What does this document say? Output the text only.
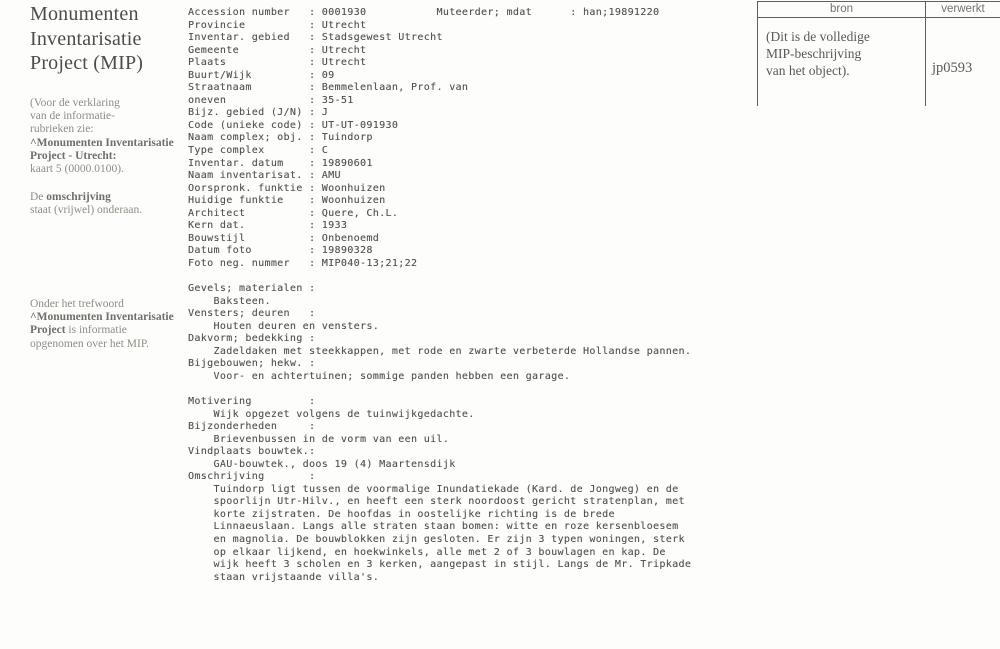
Monumenten
Inventarisatie
Project (MIP)
(Voor de verklaring
van de informatie-
rubrieken zie:
^Monumenten Inventarisatie
Project - Utrecht:
kaart 5 (0000.0100).
De omschrijving
staat (vrijwel) onderaan.
Onder het trefwoord
^Monumenten Inventarisatie
Project is informatie
opgenomen over het MIP.
Accession number   : 0001930           Muteerder; mdat      : han;19891220
Provincie          : Utrecht
Inventar. gebied   : Stadsgewest Utrecht
Gemeente           : Utrecht
Plaats             : Utrecht
Buurt/Wijk         : 09
Straatnaam         : Bemmelenlaan, Prof. van
oneven             : 35-51
Bijz. gebied (J/N) : J
Code (unieke code) : UT-UT-091930
Naam complex; obj. : Tuindorp
Type complex       : C
Inventar. datum    : 19890601
Naam inventarisat. : AMU
Oorspronk. funktie : Woonhuizen
Huidige funktie    : Woonhuizen
Architect          : Quere, Ch.L.
Kern dat.          : 1933
Bouwstijl          : Onbenoemd
Datum foto         : 19890328
Foto neg. nummer   : MIP040-13;21;22
Gevels; materialen :
Baksteen.
Vensters; deuren   :
Houten deuren en vensters.
Dakvorm; bedekking :
Zadeldaken met steekkappen, met rode en zwarte verbeterde Hollandse pannen.
Bijgebouwen; hekw. :
Voor- en achtertuinen; sommige panden hebben een garage.
Motivering         :
Wijk opgezet volgens de tuinwijkgedachte.
Bijzonderheden     :
Brievenbussen in de vorm van een uil.
Vindplaats bouwtek.:
GAU-bouwtek., doos 19 (4) Maartensdijk
Omschrijving       :
Tuindorp ligt tussen de voormalige Inundatiekade (Kard. de Jongweg) en de
spoorlijn Utr-Hilv., en heeft een sterk noordoost gericht stratenplan, met
korte zijstraten. De hoofdas in oostelijke richting is de brede
Linnaeuslaan. Langs alle straten staan bomen: witte en roze kersenbloesem
en magnolia. De bouwblokken zijn gesloten. Er zijn 3 typen woningen, sterk
op elkaar lijkend, en hoekwinkels, alle met 2 of 3 bouwlagen en kap. De
wijk heeft 3 scholen en 3 kerken, aangepast in stijl. Langs de Mr. Tripkade
staan vrijstaande villa's.
bron	verwerkt
(Dit is de volledige
MIP-beschrijving
van het object).	jp0593
